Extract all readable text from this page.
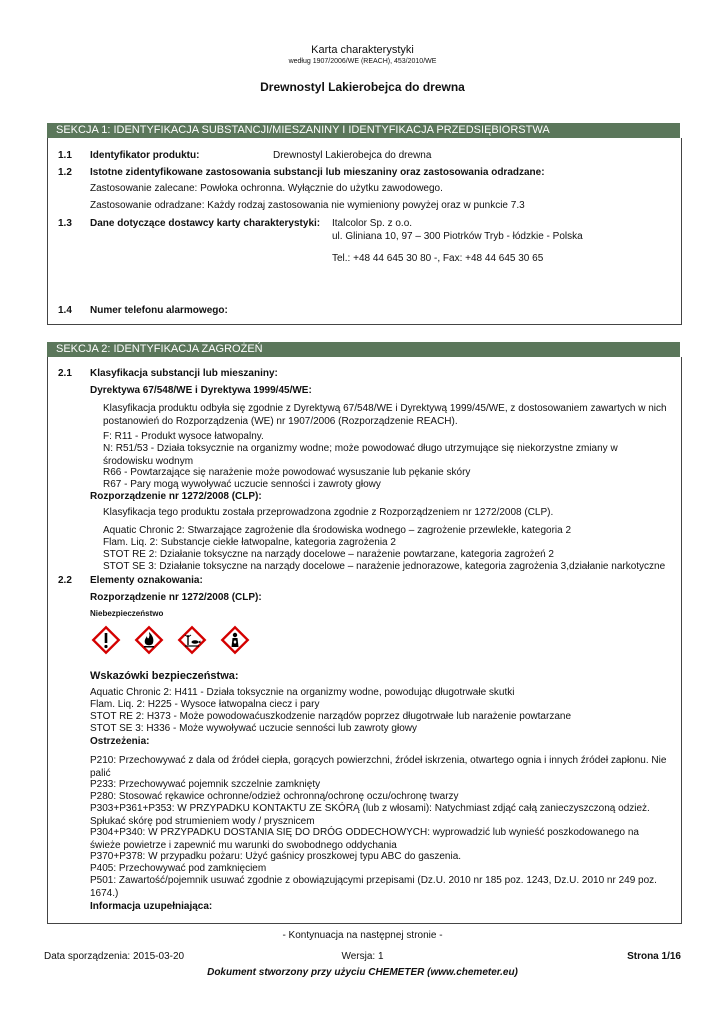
Karta charakterystyki
według 1907/2006/WE (REACH), 453/2010/WE
Drewnostyl Lakierobejca do drewna
SEKCJA 1: IDENTYFIKACJA SUBSTANCJI/MIESZANINY I IDENTYFIKACJA PRZEDSIĘBIORSTWA
1.1 Identyfikator produktu:	Drewnostyl Lakierobejca do drewna
1.2 Istotne zidentyfikowane zastosowania substancji lub mieszaniny oraz zastosowania odradzane:
Zastosowanie zalecane: Powłoka ochronna. Wyłącznie do użytku zawodowego.
Zastosowanie odradzane: Każdy rodzaj zastosowania nie wymieniony powyżej oraz w punkcie 7.3
1.3 Dane dotyczące dostawcy karty charakterystyki: Italcolor Sp. z o.o.
ul. Gliniana 10, 97 – 300 Piotrków Tryb - łódzkie - Polska
Tel.: +48 44 645 30 80 -, Fax: +48 44 645 30 65
1.4 Numer telefonu alarmowego:
SEKCJA 2: IDENTYFIKACJA ZAGROŻEŃ
2.1 Klasyfikacja substancji lub mieszaniny:
Dyrektywa 67/548/WE i Dyrektywa 1999/45/WE:
Klasyfikacja produktu odbyła się zgodnie z Dyrektywą 67/548/WE i Dyrektywą 1999/45/WE, z dostosowaniem zawartych w nich postanowień do Rozporządzenia (WE) nr 1907/2006 (Rozporządzenie REACH).
F: R11 - Produkt wysoce łatwopalny.
N: R51/53 - Działa toksycznie na organizmy wodne; może powodować długo utrzymujące się niekorzystne zmiany w środowisku wodnym
R66 - Powtarzające się narażenie może powodować wysuszanie lub pękanie skóry
R67 - Pary mogą wywoływać uczucie senności i zawroty głowy
Rozporządzenie nr 1272/2008 (CLP):
Klasyfikacja tego produktu została przeprowadzona zgodnie z Rozporządzeniem nr 1272/2008 (CLP).
Aquatic Chronic 2: Stwarzające zagrożenie dla środowiska wodnego – zagrożenie przewlekłe, kategoria 2
Flam. Liq. 2: Substancje ciekłe łatwopalne, kategoria zagrożenia 2
STOT RE 2: Działanie toksyczne na narządy docelowe – narażenie powtarzane, kategoria zagrożeń 2
STOT SE 3: Działanie toksyczne na narządy docelowe – narażenie jednorazowe, kategoria zagrożenia 3,działanie narkotyczne
2.2 Elementy oznakowania:
Rozporządzenie nr 1272/2008 (CLP):
Niebezpieczeństwo
Wskazówki bezpieczeństwa:
Aquatic Chronic 2: H411 - Działa toksycznie na organizmy wodne, powodując długotrwałe skutki
Flam. Liq. 2: H225 - Wysoce łatwopalna ciecz i pary
STOT RE 2: H373 - Może powodowaćuszkodzenie narządów poprzez długotrwałe lub narażenie powtarzane
STOT SE 3: H336 - Może wywoływać uczucie senności lub zawroty głowy
Ostrzeżenia:
P210: Przechowywać z dala od źródeł ciepła, gorących powierzchni, źródeł iskrzenia, otwartego ognia i innych źródeł zapłonu. Nie palić
P233: Przechowywać pojemnik szczelnie zamknięty
P280: Stosować rękawice ochronne/odzież ochronną/ochronę oczu/ochronę twarzy
P303+P361+P353: W PRZYPADKU KONTAKTU ZE SKÓRĄ (lub z włosami): Natychmiast zdjąć całą zanieczyszczoną odzież. Spłukać skórę pod strumieniem wody / prysznicem
P304+P340: W PRZYPADKU DOSTANIA SIĘ DO DRÓG ODDECHOWYCH: wyprowadzić lub wynieść poszkodowanego na świeże powietrze i zapewnić mu warunki do swobodnego oddychania
P370+P378: W przypadku pożaru: Użyć gaśnicy proszkowej typu ABC do gaszenia.
P405: Przechowywać pod zamknięciem
P501: Zawartość/pojemnik usuwać zgodnie z obowiązującymi przepisami (Dz.U. 2010 nr 185 poz. 1243, Dz.U. 2010 nr 249 poz. 1674.)
Informacja uzupełniająca:
- Kontynuacja na następnej stronie -
Data sporządzenia: 2015-03-20	Wersja: 1	Strona 1/16
Dokument stworzony przy użyciu CHEMETER (www.chemeter.eu)
